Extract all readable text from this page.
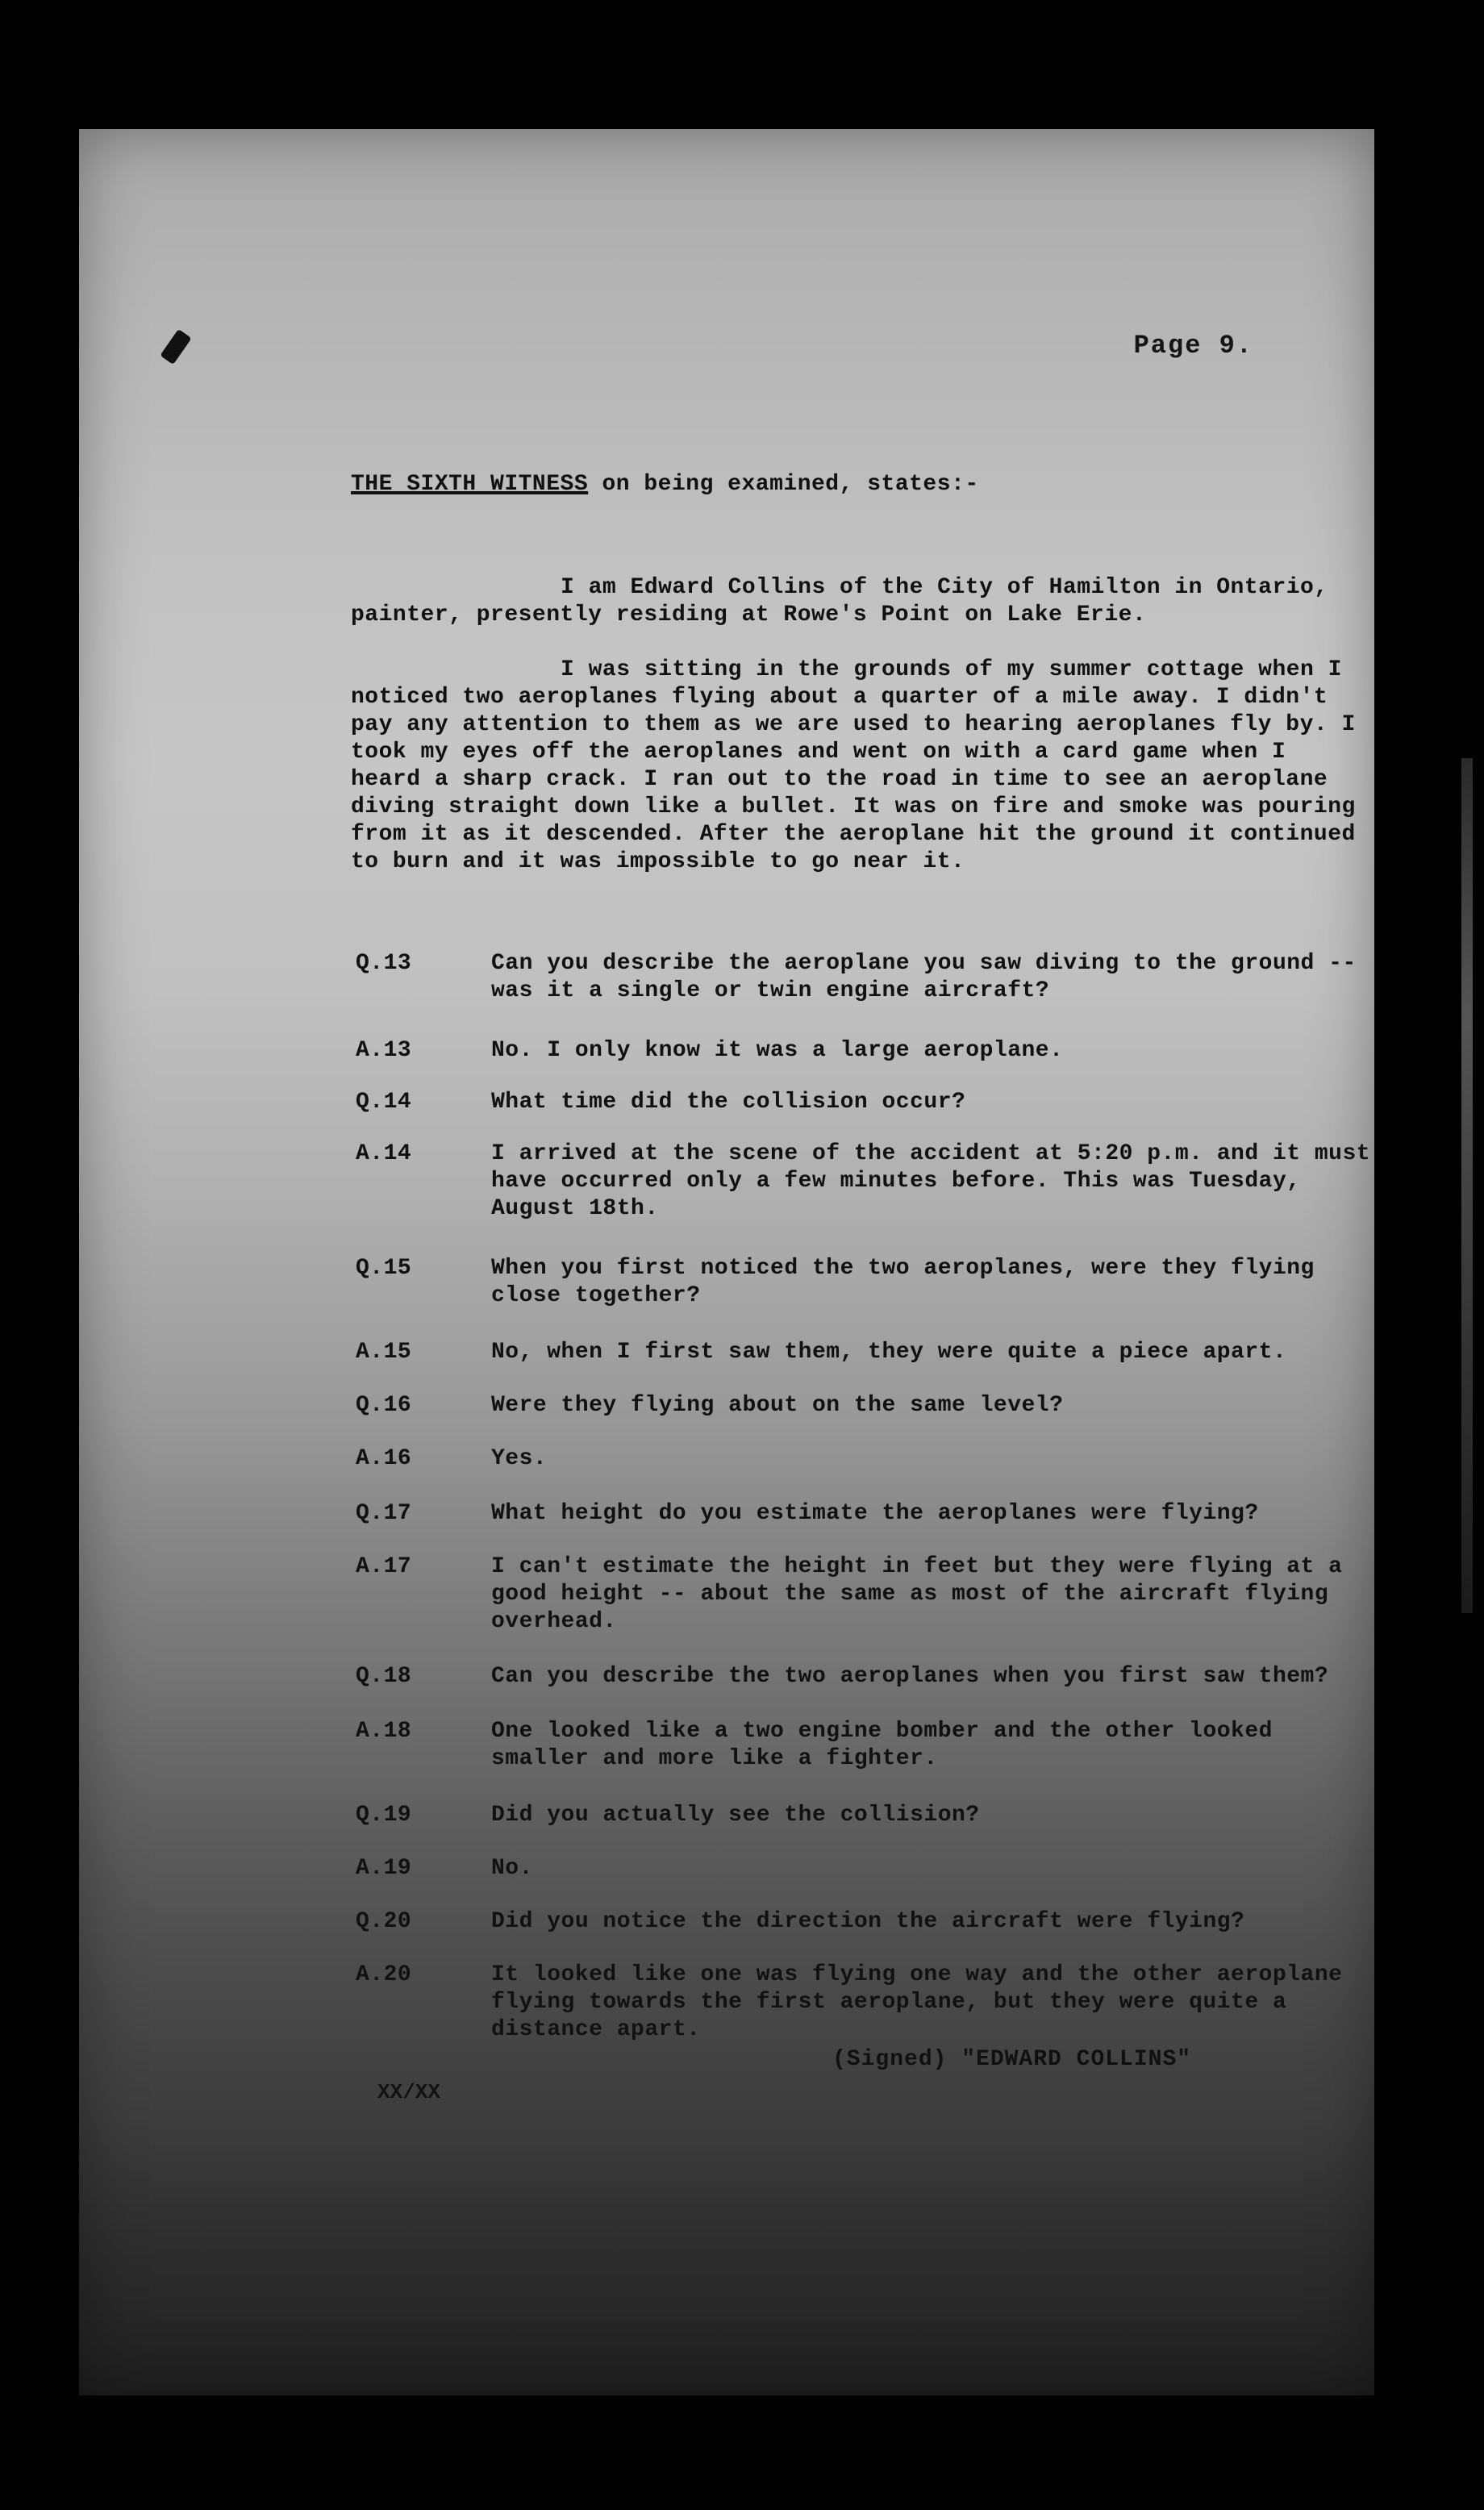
Page 9.
THE SIXTH WITNESS on being examined, states:-
I am Edward Collins of the City of Hamilton in Ontario, painter, presently residing at Rowe's Point on Lake Erie.
I was sitting in the grounds of my summer cottage when I noticed two aeroplanes flying about a quarter of a mile away. I didn't pay any attention to them as we are used to hearing aeroplanes fly by. I took my eyes off the aeroplanes and went on with a card game when I heard a sharp crack. I ran out to the road in time to see an aeroplane diving straight down like a bullet. It was on fire and smoke was pouring from it as it descended. After the aeroplane hit the ground it continued to burn and it was impossible to go near it.
Q.13	Can you describe the aeroplane you saw diving to the ground -- was it a single or twin engine aircraft?
A.13	No. I only know it was a large aeroplane.
Q.14	What time did the collision occur?
A.14	I arrived at the scene of the accident at 5:20 p.m. and it must have occurred only a few minutes before. This was Tuesday, August 18th.
Q.15	When you first noticed the two aeroplanes, were they flying close together?
A.15	No, when I first saw them, they were quite a piece apart.
Q.16	Were they flying about on the same level?
A.16	Yes.
Q.17	What height do you estimate the aeroplanes were flying?
A.17	I can't estimate the height in feet but they were flying at a good height -- about the same as most of the aircraft flying overhead.
Q.18	Can you describe the two aeroplanes when you first saw them?
A.18	One looked like a two engine bomber and the other looked smaller and more like a fighter.
Q.19	Did you actually see the collision?
A.19	No.
Q.20	Did you notice the direction the aircraft were flying?
A.20	It looked like one was flying one way and the other aeroplane flying towards the first aeroplane, but they were quite a distance apart.
(Signed) "EDWARD COLLINS"
XX/XX
